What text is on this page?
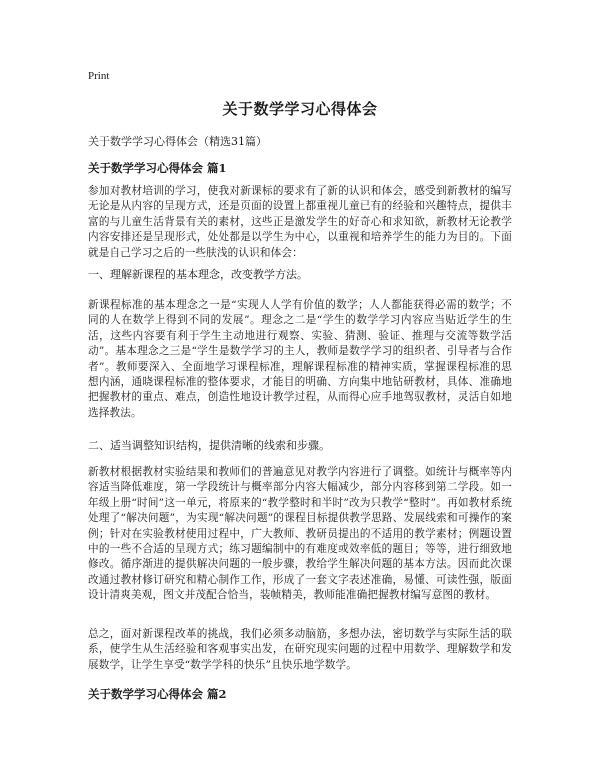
Print
关于数学学习心得体会

关于数学学习心得体会（精选31篇）

关于数学学习心得体会 篇1

参加对教材培训的学习，使我对新课标的要求有了新的认识和体会，感受到新教材的编写无论是从内容的呈现方式，还是页面的设置上都重视儿童已有的经验和兴趣特点，提供丰富的与儿童生活背景有关的素材，这些正是激发学生的好奇心和求知欲，新教材无论教学内容安排还是呈现形式，处处都是以学生为中心，以重视和培养学生的能力为目的。下面就是自己学习之后的一些肤浅的认识和体会：

一、理解新课程的基本理念，改变教学方法。

新课程标准的基本理念之一是“实现人人学有价值的数学；人人都能获得必需的数学；不同的人在数学上得到不同的发展”。理念之二是“学生的数学学习内容应当贴近学生的生活，这些内容要有利于学生主动地进行观察、实验、猜测、验证、推理与交流等数学活动”。基本理念之三是“学生是数学学习的主人，教师是数学学习的组织者、引导者与合作者”。教师要深入、全面地学习课程标准，理解课程标准的精神实质，掌握课程标准的思想内涵，通晓课程标准的整体要求，才能目的明确、方向集中地钻研教材，具体、准确地把握教材的重点、难点，创造性地设计教学过程，从而得心应手地驾驭教材，灵活自如地选择教法。

二、适当调整知识结构，提供清晰的线索和步骤。

新教材根据教材实验结果和教师们的普遍意见对教学内容进行了调整。如统计与概率等内容适当降低难度，第一学段统计与概率部分内容大幅减少，部分内容移到第二学段。如一年级上册“时间”这一单元，将原来的“教学整时和半时”改为只教学“整时”。再如教材系统处理了“解决问题”，为实现“解决问题”的课程目标提供教学思路、发展线索和可操作的案例；针对在实验教材使用过程中，广大教师、教研员提出的不适用的教学素材；例题设置中的一些不合适的呈现方式；练习题编制中的有难度或效率低的题目；等等，进行细致地修改。循序渐进的提供解决问题的一般步骤，教给学生解决问题的基本方法。因而此次课改通过教材修订研究和精心制作工作，形成了一套文字表述准确，易懂、可读性强，版面设计清爽美观，图文并茂配合恰当，装帧精美，教师能准确把握教材编写意图的教材。

总之，面对新课程改革的挑战，我们必须多动脑筋，多想办法，密切数学与实际生活的联系，使学生从生活经验和客观事实出发，在研究现实问题的过程中用数学、理解数学和发展数学，让学生享受“数学学科的快乐”且快乐地学数学。

关于数学学习心得体会 篇2
